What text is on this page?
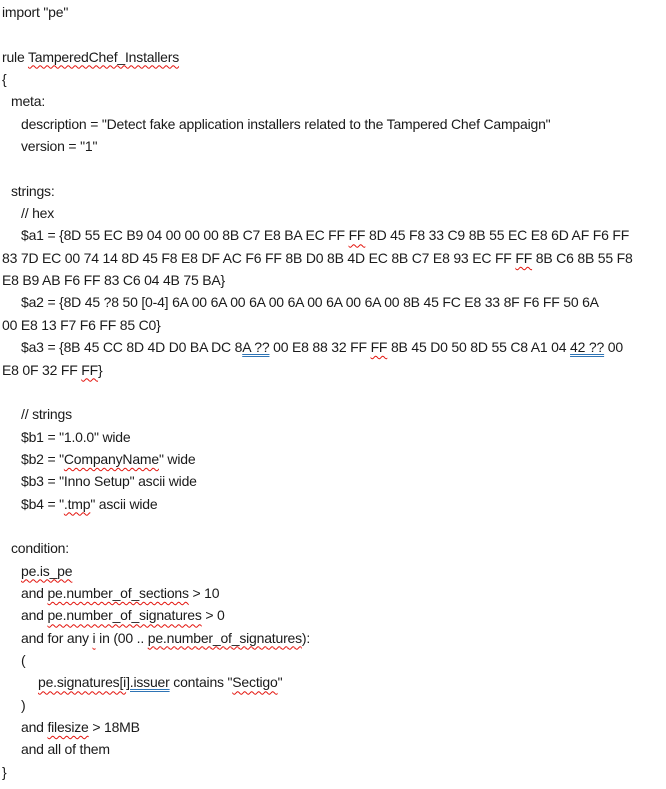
import "pe"

rule TamperedChef_Installers
{
meta:
description = "Detect fake application installers related to the Tampered Chef Campaign"
version = "1"

strings:
// hex
$a1 = {8D 55 EC B9 04 00 00 00 8B C7 E8 BA EC FF FF 8D 45 F8 33 C9 8B 55 EC E8 6D AF F6 FF
83 7D EC 00 74 14 8D 45 F8 E8 DF AC F6 FF 8B D0 8B 4D EC 8B C7 E8 93 EC FF FF 8B C6 8B 55 F8
E8 B9 AB F6 FF 83 C6 04 4B 75 BA}
$a2 = {8D 45 ?8 50 [0-4] 6A 00 6A 00 6A 00 6A 00 6A 00 6A 00 8B 45 FC E8 33 8F F6 FF 50 6A
00 E8 13 F7 F6 FF 85 C0}
$a3 = {8B 45 CC 8D 4D D0 BA DC 8A ?? 00 E8 88 32 FF FF 8B 45 D0 50 8D 55 C8 A1 04 42 ?? 00
E8 0F 32 FF FF}

// strings
$b1 = "1.0.0" wide
$b2 = "CompanyName" wide
$b3 = "Inno Setup" ascii wide
$b4 = ".tmp" ascii wide

condition:
pe.is_pe
and pe.number_of_sections > 10
and pe.number_of_signatures > 0
and for any i in (00 .. pe.number_of_signatures):
(
pe.signatures[i].issuer contains "Sectigo"
)
and filesize > 18MB
and all of them
}
